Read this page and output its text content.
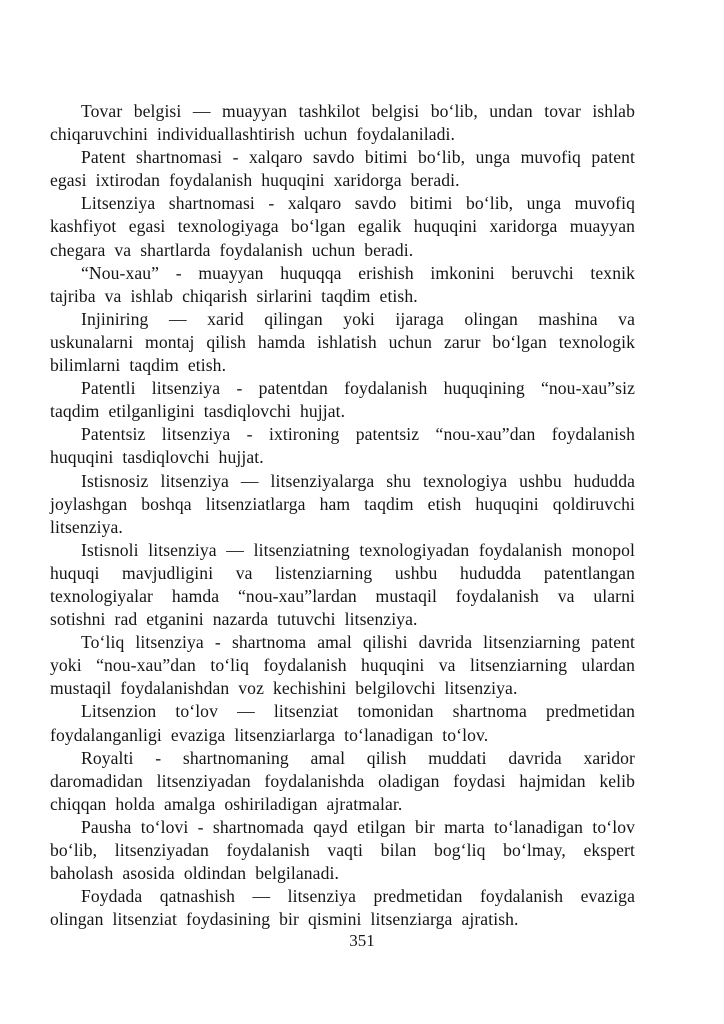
Tovar belgisi — muayyan tashkilot belgisi bo‘lib, undan tovar ishlab chiqaruvchini individuallashtirish uchun foydalaniladi.

Patent shartnomasi - xalqaro savdo bitimi bo‘lib, unga muvofiq patent egasi ixtirodan foydalanish huquqini xaridorga beradi.

Litsenziya shartnomasi - xalqaro savdo bitimi bo‘lib, unga muvofiq kashfiyot egasi texnologiyaga bo‘lgan egalik huquqini xaridorga muayyan chegara va shartlarda foydalanish uchun beradi.

“Nou-xau” - muayyan huquqqa erishish imkonini beruvchi texnik tajriba va ishlab chiqarish sirlarini taqdim etish.

Injiniring — xarid qilingan yoki ijaraga olingan mashina va uskunalarni montaj qilish hamda ishlatish uchun zarur bo‘lgan texnologik bilimlarni taqdim etish.

Patentli litsenziya - patentdan foydalanish huquqining “nou-xau”siz taqdim etilganligini tasdiqlovchi hujjat.

Patentsiz litsenziya - ixtironing patentsiz “nou-xau”dan foydalanish huquqini tasdiqlovchi hujjat.

Istisnosiz litsenziya — litsenziyalarga shu texnologiya ushbu hududda joylashgan boshqa litsenziatlarga ham taqdim etish huquqini qoldiruvchi litsenziya.

Istisnoli litsenziya — litsenziatning texnologiyadan foydalanish monopol huquqi mavjudligini va listenziarning ushbu hududda patentlangan texnologiyalar hamda “nou-xau”lardan mustaqil foydalanish va ularni sotishni rad etganini nazarda tutuvchi litsenziya.

To‘liq litsenziya - shartnoma amal qilishi davrida litsenziarning patent yoki “nou-xau”dan to‘liq foydalanish huquqini va litsenziarning ulardan mustaqil foydalanishdan voz kechishini belgilovchi litsenziya.

Litsenzion to‘lov — litsenziat tomonidan shartnoma predmetidan foydalanganligi evaziga litsenziarlarga to‘lanadigan to‘lov.

Royalti - shartnomaning amal qilish muddati davrida xaridor daromadidan litsenziyadan foydalanishda oladigan foydasi hajmidan kelib chiqqan holda amalga oshiriladigan ajratmalar.

Pausha to‘lovi - shartnomada qayd etilgan bir marta to‘lanadigan to‘lov bo‘lib, litsenziyadan foydalanish vaqti bilan bog‘liq bo‘lmay, ekspert baholash asosida oldindan belgilanadi.

Foydada qatnashish — litsenziya predmetidan foydalanish evaziga olingan litsenziat foydasining bir qismini litsenziarga ajratish.

351
